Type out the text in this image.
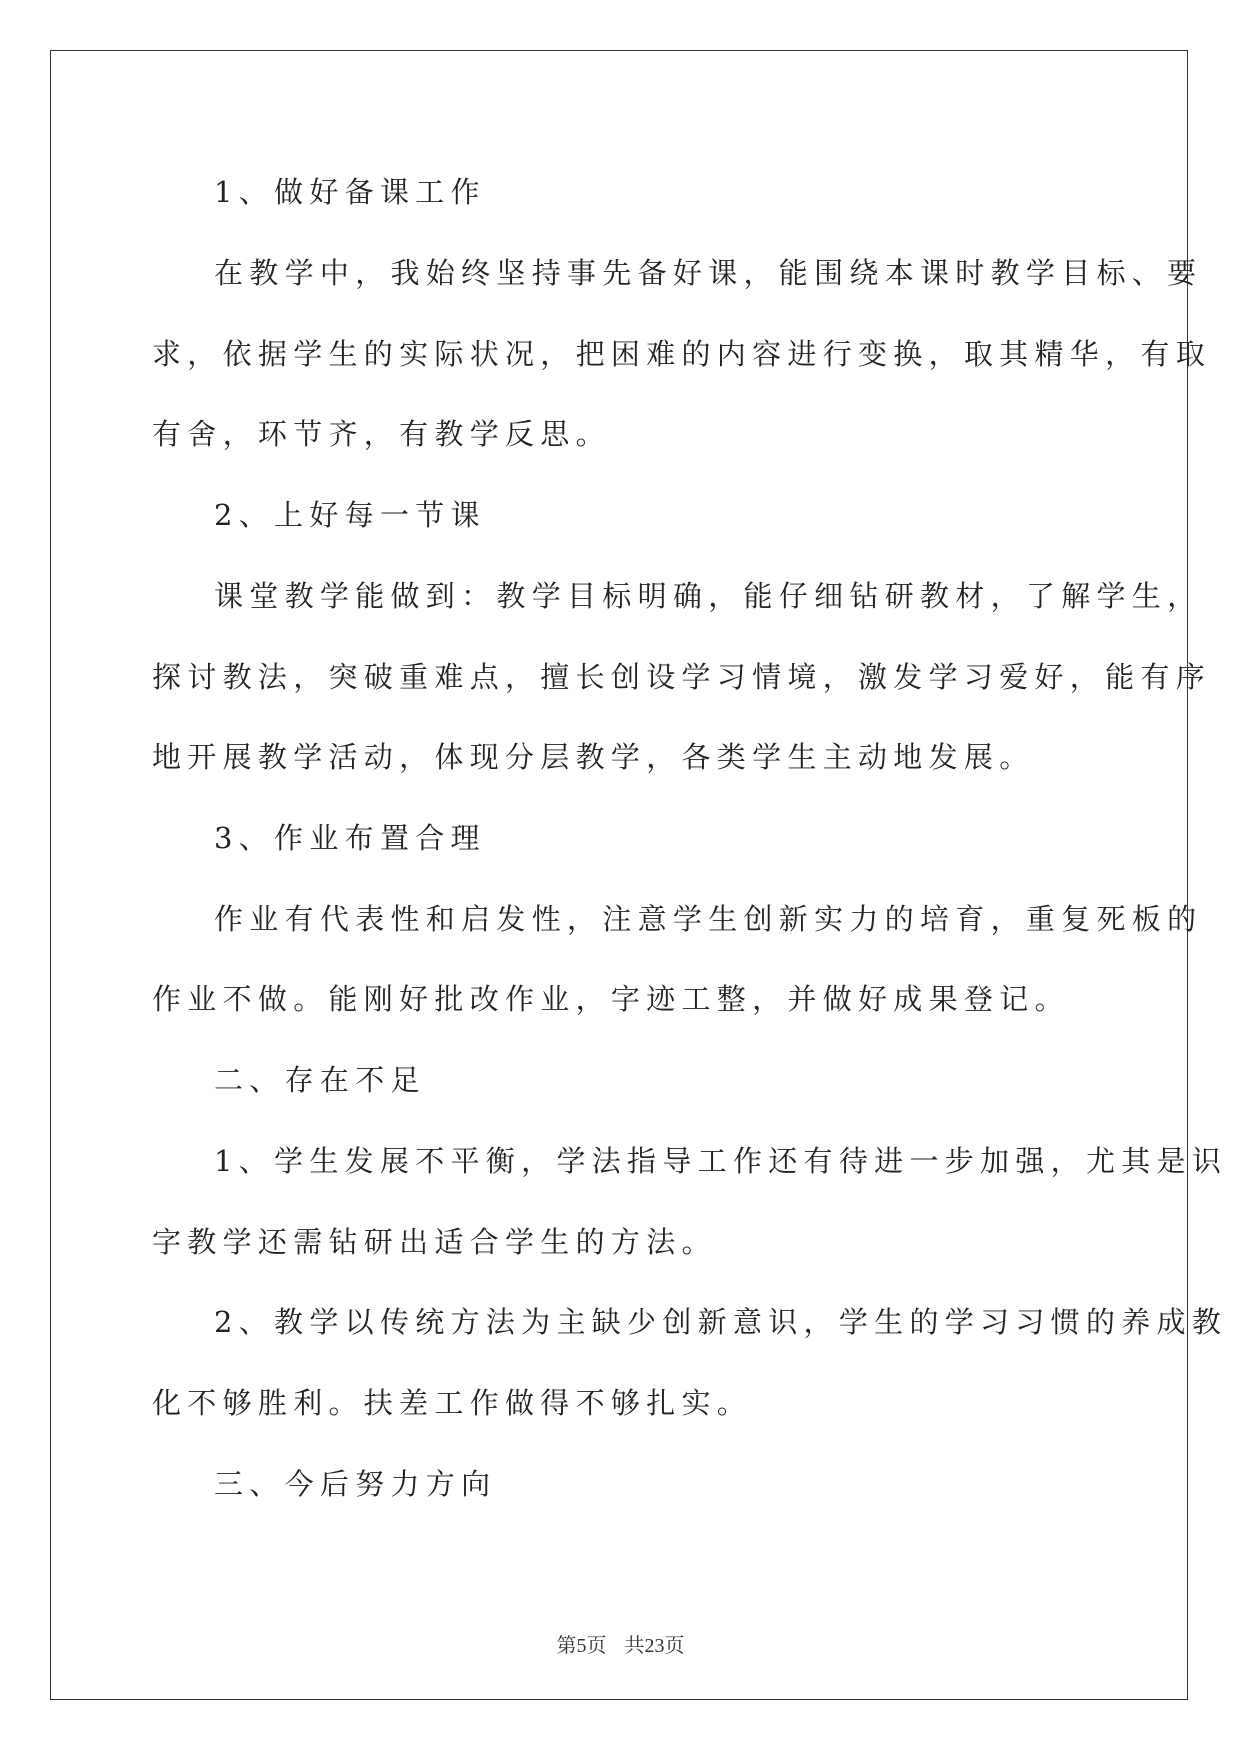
1、做好备课工作

在教学中，我始终坚持事先备好课，能围绕本课时教学目标、要

求，依据学生的实际状况，把困难的内容进行变换，取其精华，有取

有舍，环节齐，有教学反思。

2、上好每一节课

课堂教学能做到：教学目标明确，能仔细钻研教材，了解学生，

探讨教法，突破重难点，擅长创设学习情境，激发学习爱好，能有序

地开展教学活动，体现分层教学，各类学生主动地发展。

3、作业布置合理

作业有代表性和启发性，注意学生创新实力的培育，重复死板的

作业不做。能刚好批改作业，字迹工整，并做好成果登记。

二、存在不足

1、学生发展不平衡，学法指导工作还有待进一步加强，尤其是识

字教学还需钻研出适合学生的方法。

2、教学以传统方法为主缺少创新意识，学生的学习习惯的养成教

化不够胜利。扶差工作做得不够扎实。

三、今后努力方向

第5页 共23页
